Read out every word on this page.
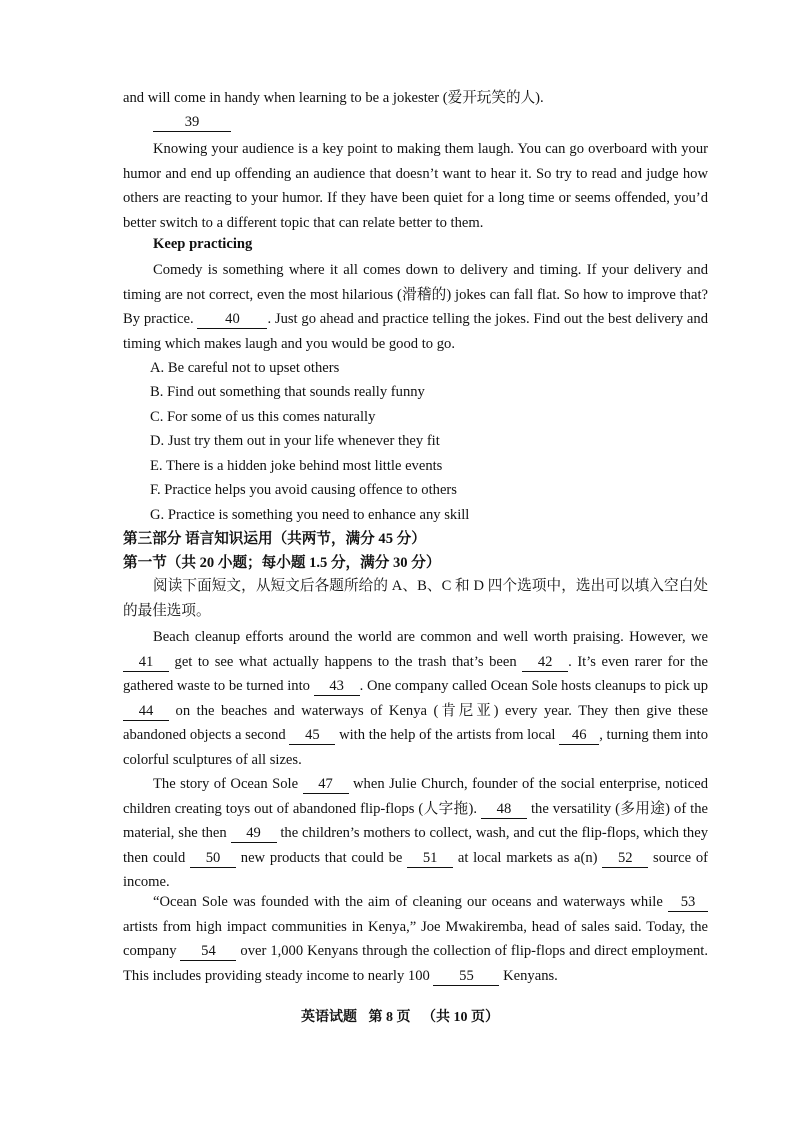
and will come in handy when learning to be a jokester (爱开玩笑的人).

39

Knowing your audience is a key point to making them laugh. You can go overboard with your humor and end up offending an audience that doesn’t want to hear it. So try to read and judge how others are reacting to your humor. If they have been quiet for a long time or seems offended, you’d better switch to a different topic that can relate better to them.

Keep practicing

Comedy is something where it all comes down to delivery and timing. If your delivery and timing are not correct, even the most hilarious (滑稽的) jokes can fall flat. So how to improve that? By practice. 40 . Just go ahead and practice telling the jokes. Find out the best delivery and timing which makes laugh and you would be good to go.

A. Be careful not to upset others

B. Find out something that sounds really funny

C. For some of us this comes naturally

D. Just try them out in your life whenever they fit

E. There is a hidden joke behind most little events

F. Practice helps you avoid causing offence to others

G. Practice is something you need to enhance any skill

第三部分 语言知识运用（共两节，满分 45 分）

第一节（共 20 小题；每小题 1.5 分，满分 30 分）

阅读下面短文，从短文后各题所给的 A、B、C 和 D 四个选项中，选出可以填入空白处的最佳选项。

Beach cleanup efforts around the world are common and well worth praising. However, we 41 get to see what actually happens to the trash that’s been 42 . It’s even rarer for the gathered waste to be turned into 43 . One company called Ocean Sole hosts cleanups to pick up 44 on the beaches and waterways of Kenya (肯尼亚) every year. They then give these abandoned objects a second 45 with the help of the artists from local 46 , turning them into colorful sculptures of all sizes.

The story of Ocean Sole 47 when Julie Church, founder of the social enterprise, noticed children creating toys out of abandoned flip-flops (人字拖). 48 the versatility (多用途) of the material, she then 49 the children’s mothers to collect, wash, and cut the flip-flops, which they then could 50 new products that could be 51 at local markets as a(n) 52 source of income.

“Ocean Sole was founded with the aim of cleaning our oceans and waterways while 53 artists from high impact communities in Kenya,” Joe Mwakiremba, head of sales said. Today, the company 54 over 1,000 Kenyans through the collection of flip-flops and direct employment. This includes providing steady income to nearly 100 55 Kenyans.

英语试题 第 8 页 （共 10 页）
